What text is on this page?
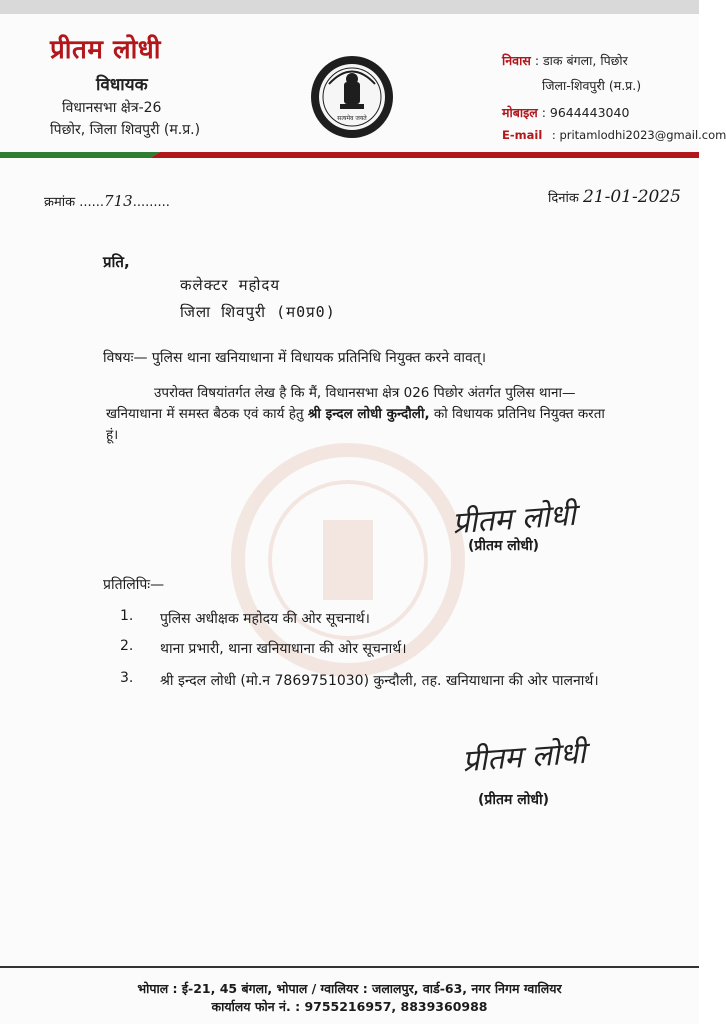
प्रीतम लोधी
विधायक
विधानसभा क्षेत्र-26
पिछोर, जिला शिवपुरी (म.प्र.)
सत्यमेव जयते
निवास : डाक बंगला, पिछोर
जिला-शिवपुरी (म.प्र.)
मोबाइल : 9644443040
E-mail : pritamlodhi2023@gmail.com
क्रमांक ......713.........	दिनांक 21-01-2025
प्रति,
कलेक्टर महोदय
जिला शिवपुरी (म0प्र0)
विषयः— पुलिस थाना खनियाधाना में विधायक प्रतिनिधि नियुक्त करने वावत्।
उपरोक्त विषयांतर्गत लेख है कि मैं, विधानसभा क्षेत्र 026 पिछोर अंतर्गत पुलिस थाना— खनियाधाना में समस्त बैठक एवं कार्य हेतु श्री इन्दल लोधी कुन्दौली, को विधायक प्रतिनिध नियुक्त करता हूं।
प्रीतम लोधी
(प्रीतम लोधी)
प्रतिलिपिः—
1. पुलिस अधीक्षक महोदय की ओर सूचनार्थ।
2. थाना प्रभारी, थाना खनियाधाना की ओर सूचनार्थ।
3. श्री इन्दल लोधी (मो.न 7869751030) कुन्दौली, तह. खनियाधाना की ओर पालनार्थ।
प्रीतम लोधी
(प्रीतम लोधी)
भोपाल : ई-21, 45 बंगला, भोपाल / ग्वालियर : जलालपुर, वार्ड-63, नगर निगम ग्वालियर
कार्यालय फोन नं. : 9755216957, 8839360988
